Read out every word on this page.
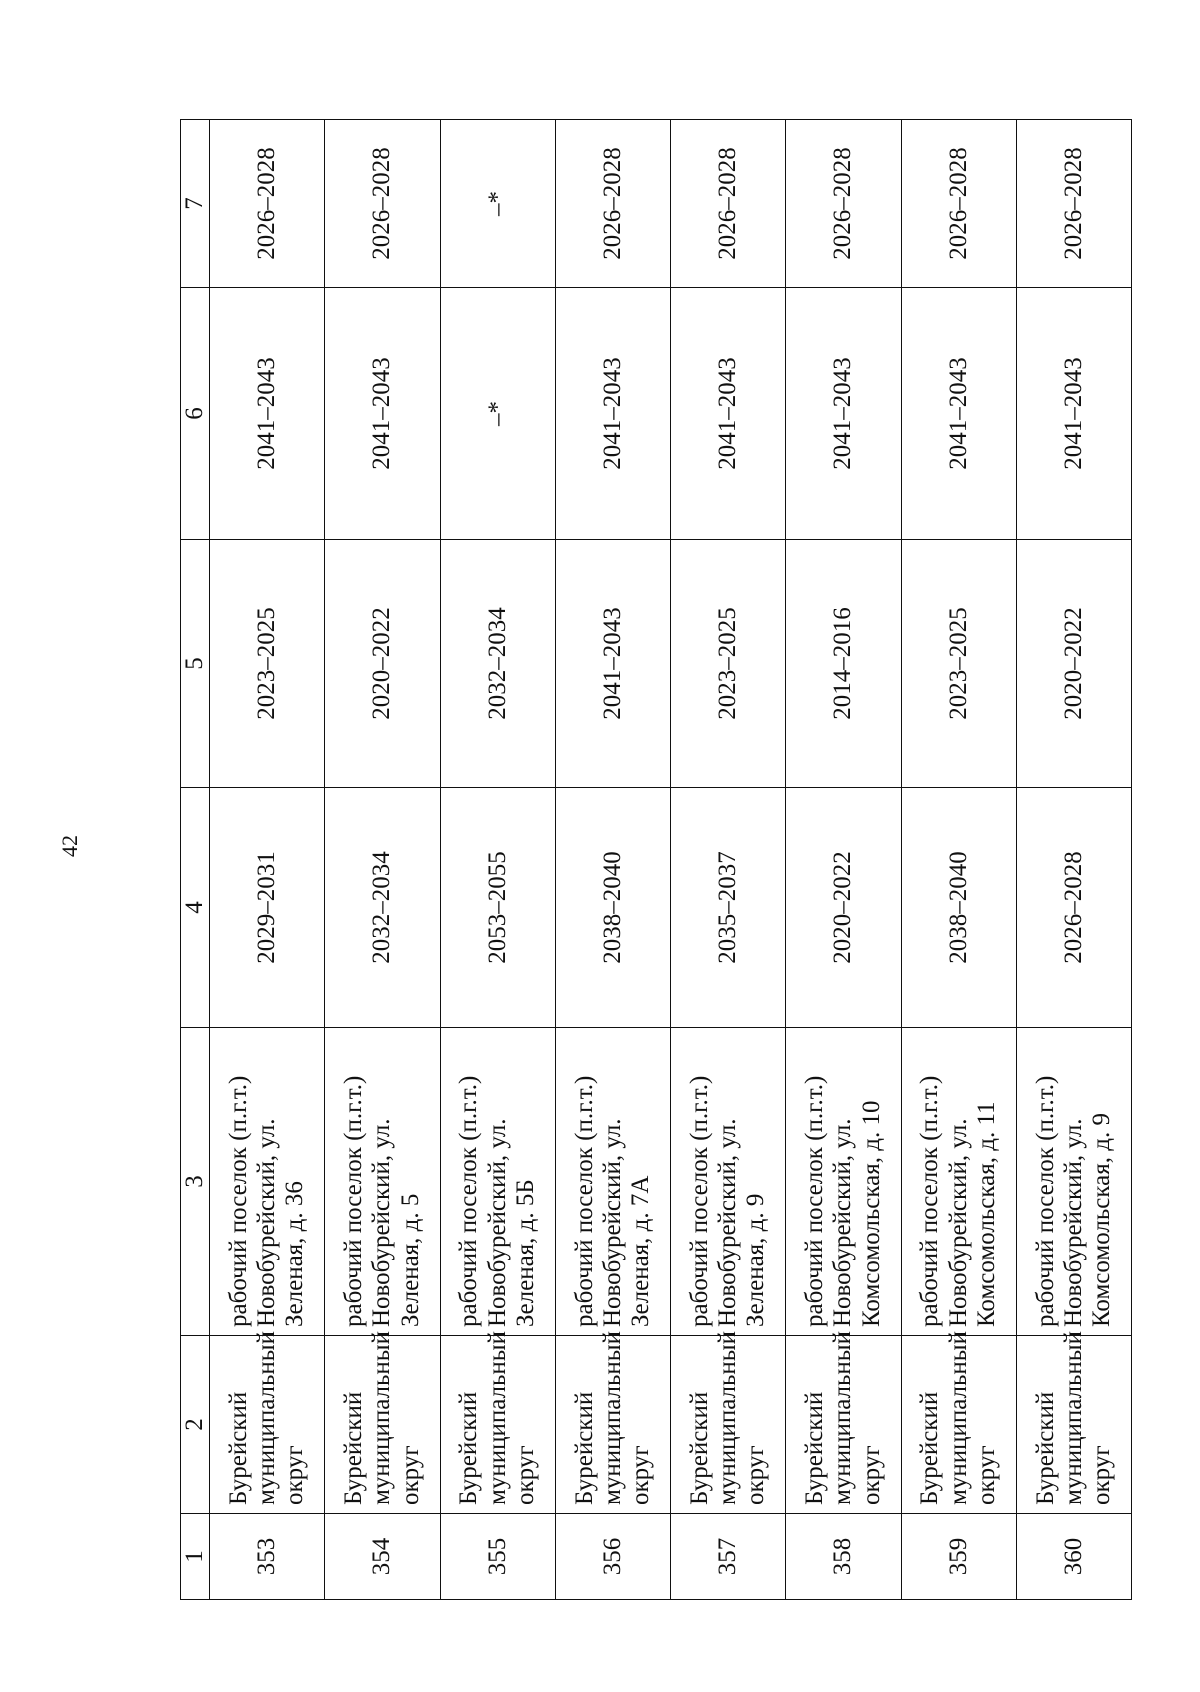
42
1	2	3	4	5	6	7
353	Бурейский муниципальный округ	рабочий поселок (п.г.т.) Новобурейский, ул. Зеленая, д. 36	2029–2031	2023–2025	2041–2043	2026–2028
354	Бурейский муниципальный округ	рабочий поселок (п.г.т.) Новобурейский, ул. Зеленая, д. 5	2032–2034	2020–2022	2041–2043	2026–2028
355	Бурейский муниципальный округ	рабочий поселок (п.г.т.) Новобурейский, ул. Зеленая, д. 5Б	2053–2055	2032–2034	–*	–*
356	Бурейский муниципальный округ	рабочий поселок (п.г.т.) Новобурейский, ул. Зеленая, д. 7А	2038–2040	2041–2043	2041–2043	2026–2028
357	Бурейский муниципальный округ	рабочий поселок (п.г.т.) Новобурейский, ул. Зеленая, д. 9	2035–2037	2023–2025	2041–2043	2026–2028
358	Бурейский муниципальный округ	рабочий поселок (п.г.т.) Новобурейский, ул. Комсомольская, д. 10	2020–2022	2014–2016	2041–2043	2026–2028
359	Бурейский муниципальный округ	рабочий поселок (п.г.т.) Новобурейский, ул. Комсомольская, д. 11	2038–2040	2023–2025	2041–2043	2026–2028
360	Бурейский муниципальный округ	рабочий поселок (п.г.т.) Новобурейский, ул. Комсомольская, д. 9	2026–2028	2020–2022	2041–2043	2026–2028
